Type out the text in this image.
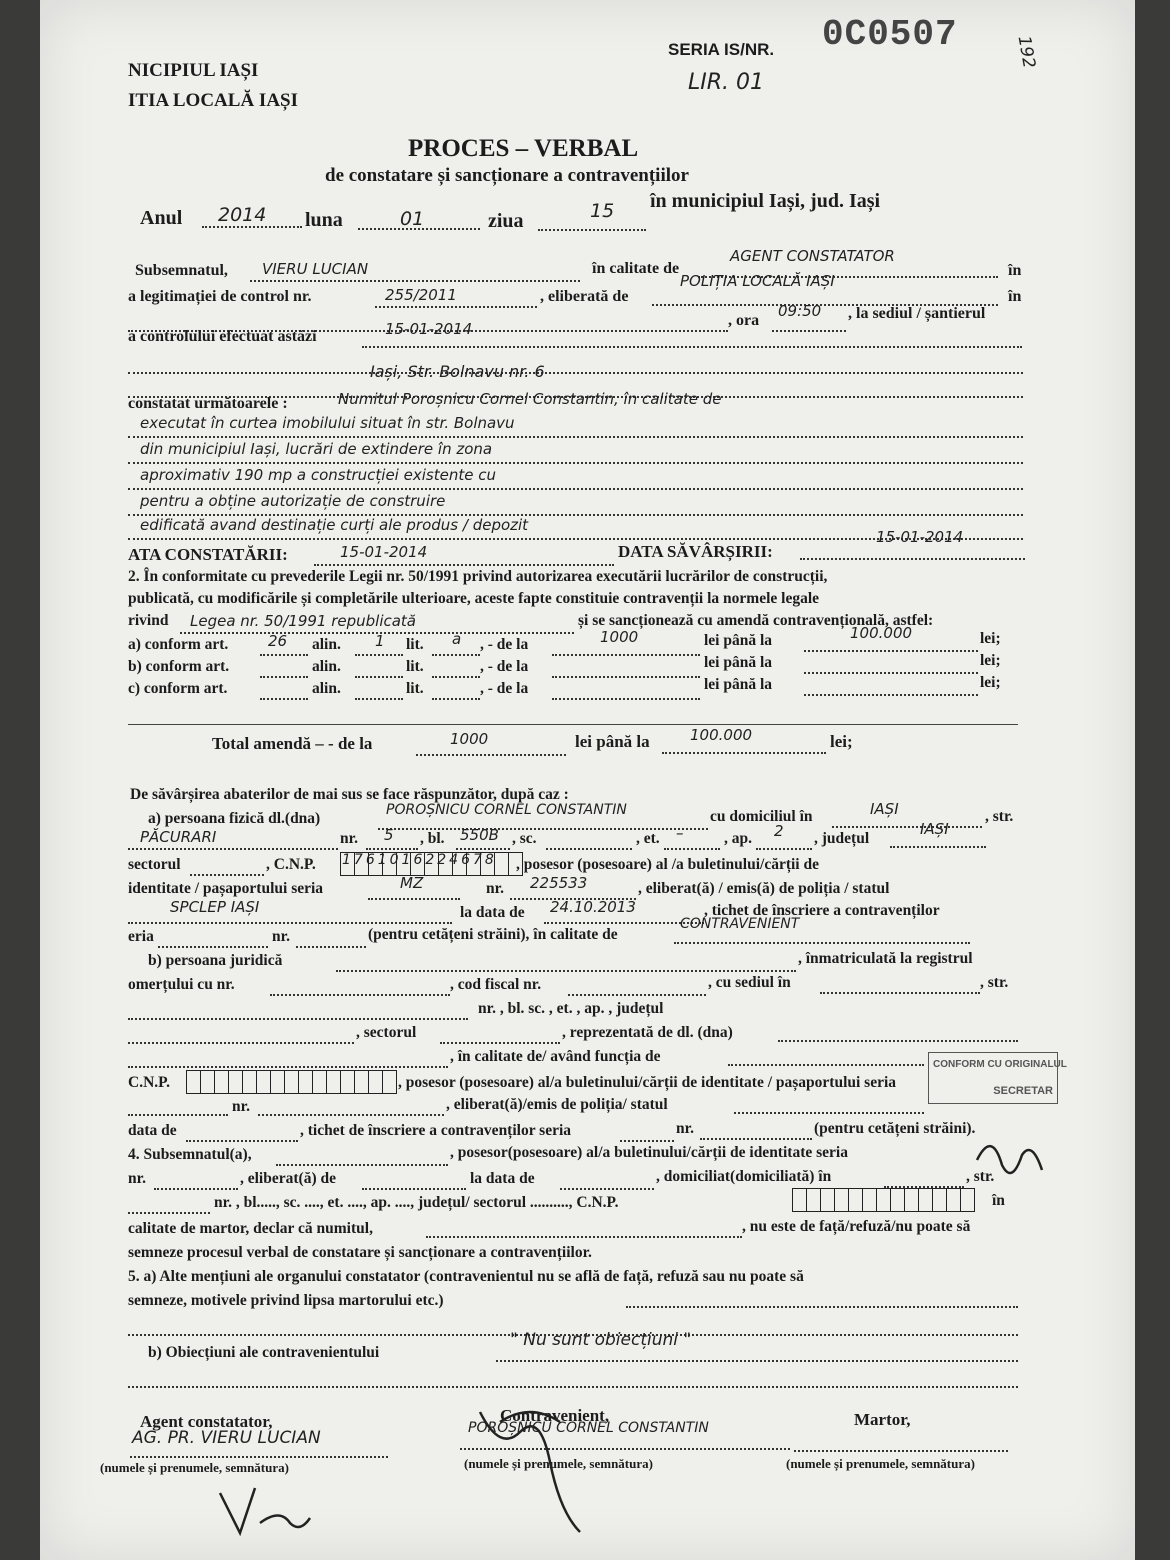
NICIPIUL IAȘI
ITIA LOCALĂ IAȘI
SERIA IS/NR. 0C0507
LIR. 01
192
PROCES – VERBAL
de constatare și sancționare a contravențiilor
Anul 2014 luna	01	ziua	15 în municipiul Iași, jud. Iași
Subsemnatul, VIERU LUCIAN	în calitate de
AGENT CONSTATATOR
în
a legitimației de control nr.	255/2011	, eliberată de
POLIȚIA LOCALĂ IAȘI
în
, ora
09:50 , la sediul / șantierul
a controlului efectuat astăzi	15-01-2014
Iași, Str. Bolnavu nr. 6
constatat următoarele :	Numitul Poroșnicu Cornel Constantin, în calitate de
executat în curtea imobilului situat în str. Bolnavu
din municipiul Iași, lucrări de extindere în zona
aproximativ 190 mp a construcției existente cu
pentru a obține autorizație de construire
edificată avand destinație curți ale produs / depozit
ATA CONSTATĂRII:	15-01-2014	DATA SĂVÂRȘIRII:
15-01-2014
2. În conformitate cu prevederile Legii nr. 50/1991 privind autorizarea executării lucrărilor de construcții,
publicată, cu modificările și completările ulterioare, aceste fapte constituie contravenții la normele legale
rivind Legea nr. 50/1991 republicată	și se sancționează cu amendă contravențională, astfel:
a) conform art.	26 alin. 1 lit. a , - de la	1000	lei până la	100.000	lei;
b) conform art.	alin.	lit.	, - de la	lei până la	lei;
c) conform art.	alin.	lit.	, - de la	lei până la	lei;
Total amendă – - de la	1000	lei până la	100.000	lei;
De săvârșirea abaterilor de mai sus se face răspunzător, după caz :
a) persoana fizică dl.(dna)	POROȘNICU CORNEL CONSTANTIN	cu domiciliul în	IAȘI	, str.
PĂCURARI	nr. 5 , bl. 550B , sc.	, et. –	, ap. 2 , județul
IAȘI
sectorul	, C.N.P. 1761016224678 , posesor (posesoare) al /a buletinului/cărții de
identitate / pașaportului seria	MZ	nr. 225533	, eliberat(ă) / emis(ă) de poliția / statul
SPCLEP IAȘI	la data de 24.10.2013	, tichet de înscriere a contravenților
eria	nr.	(pentru cetățeni străini), în calitate de
CONTRAVENIENT
b) persoana juridică	, înmatriculată la registrul
omerțului cu nr.	, cod fiscal nr.	, cu sediul în	, str.
nr. , bl. sc. , et. , ap. , județul
, sectorul	, reprezentată de dl. (dna)
, în calitate de/ având funcția de
C.N.P.	, posesor (posesoare) al/a buletinului/cărții de identitate / pașaportului seria
nr.	, eliberat(ă)/emis de poliția/ statul
data de	, tichet de înscriere a contravenților seria	nr.	(pentru cetățeni străini).
4. Subsemnatul(a),	, posesor(posesoare) al/a buletinului/cărții de identitate seria
nr.	, eliberat(ă) de	la data de	, domiciliat(domiciliată) în	, str.
nr. , bl....., sc. ...., et. ...., ap. ...., județul/ sectorul .........., C.N.P.	în
calitate de martor, declar că numitul,	, nu este de față/refuză/nu poate să
semneze procesul verbal de constatare și sancționare a contravențiilor.
5. a) Alte mențiuni ale organului constatator (contravenientul nu se află de față, refuză sau nu poate să
semneze, motivele privind lipsa martorului etc.)
b) Obiecțiuni ale contravenientului
" Nu sunt obiecțiuni "
Agent constatator,
AG. PR. VIERU LUCIAN
(numele și prenumele, semnătura)
Contravenient,
POROȘNICU CORNEL CONSTANTIN
(numele și prenumele, semnătura)
Martor,
(numele și prenumele, semnătura)
CONFORM CU ORIGINALUL
SECRETAR
